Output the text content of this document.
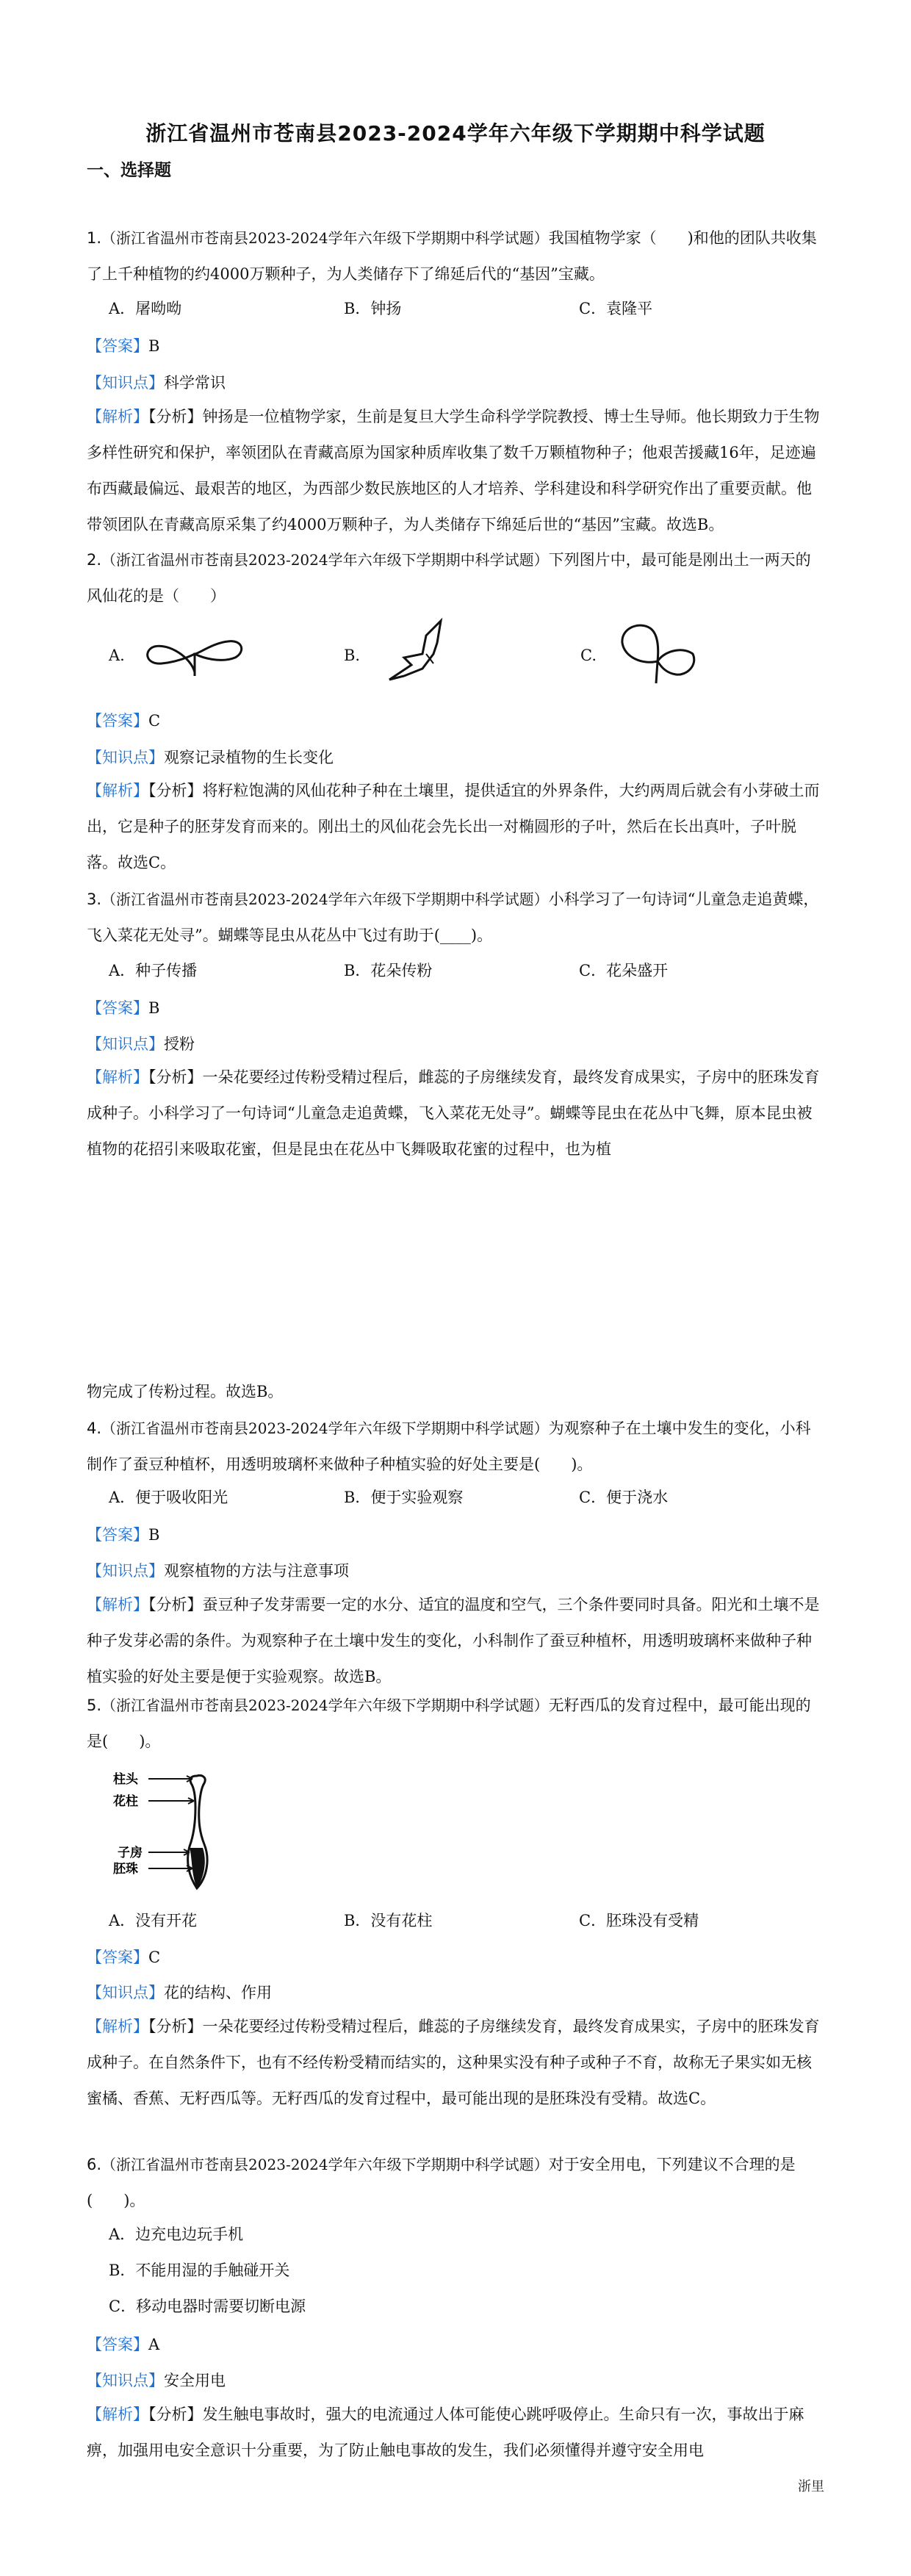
浙江省温州市苍南县2023-2024学年六年级下学期期中科学试题
一、选择题
1.（浙江省温州市苍南县2023-2024学年六年级下学期期中科学试题）我国植物学家（　　)和他的团队共收集了上千种植物的约4000万颗种子，为人类储存下了绵延后代的“基因”宝藏。
A．屠呦呦	B．钟扬	C．袁隆平
【答案】B
【知识点】科学常识
【解析】【分析】钟扬是一位植物学家，生前是复旦大学生命科学学院教授、博士生导师。他长期致力于生物多样性研究和保护，率领团队在青藏高原为国家种质库收集了数千万颗植物种子；他艰苦援藏16年，足迹遍布西藏最偏远、最艰苦的地区，为西部少数民族地区的人才培养、学科建设和科学研究作出了重要贡献。他带领团队在青藏高原采集了约4000万颗种子，为人类储存下绵延后世的“基因”宝藏。故选B。
2.（浙江省温州市苍南县2023-2024学年六年级下学期期中科学试题）下列图片中，最可能是刚出土一两天的风仙花的是（　　）
A.	B.	C.
【答案】C
【知识点】观察记录植物的生长变化
【解析】【分析】将籽粒饱满的风仙花种子种在土壤里，提供适宜的外界条件，大约两周后就会有小芽破土而出，它是种子的胚芽发育而来的。刚出土的风仙花会先长出一对椭圆形的子叶，然后在长出真叶，子叶脱落。故选C。
3.（浙江省温州市苍南县2023-2024学年六年级下学期期中科学试题）小科学习了一句诗词“儿童急走追黄蝶，飞入菜花无处寻”。蝴蝶等昆虫从花丛中飞过有助于(____)。
A．种子传播	B．花朵传粉	C．花朵盛开
【答案】B
【知识点】授粉
【解析】【分析】一朵花要经过传粉受精过程后，雌蕊的子房继续发育，最终发育成果实，子房中的胚珠发育成种子。小科学习了一句诗词“儿童急走追黄蝶，飞入菜花无处寻”。蝴蝶等昆虫在花丛中飞舞，原本昆虫被植物的花招引来吸取花蜜，但是昆虫在花丛中飞舞吸取花蜜的过程中，也为植
物完成了传粉过程。故选B。
4.（浙江省温州市苍南县2023-2024学年六年级下学期期中科学试题）为观察种子在土壤中发生的变化，小科制作了蚕豆种植杯，用透明玻璃杯来做种子种植实验的好处主要是(　　)。
A．便于吸收阳光	B．便于实验观察	C．便于浇水
【答案】B
【知识点】观察植物的方法与注意事项
【解析】【分析】蚕豆种子发芽需要一定的水分、适宜的温度和空气，三个条件要同时具备。阳光和土壤不是种子发芽必需的条件。为观察种子在土壤中发生的变化，小科制作了蚕豆种植杯，用透明玻璃杯来做种子种植实验的好处主要是便于实验观察。故选B。
5.（浙江省温州市苍南县2023-2024学年六年级下学期期中科学试题）无籽西瓜的发育过程中，最可能出现的是(　　)。
柱头
花柱
子房
胚珠
A．没有开花	B．没有花柱	C．胚珠没有受精
【答案】C
【知识点】花的结构、作用
【解析】【分析】一朵花要经过传粉受精过程后，雌蕊的子房继续发育，最终发育成果实，子房中的胚珠发育成种子。在自然条件下，也有不经传粉受精而结实的，这种果实没有种子或种子不育，故称无子果实如无核蜜橘、香蕉、无籽西瓜等。无籽西瓜的发育过程中，最可能出现的是胚珠没有受精。故选C。
6.（浙江省温州市苍南县2023-2024学年六年级下学期期中科学试题）对于安全用电，下列建议不合理的是(　　)。
A．边充电边玩手机
B．不能用湿的手触碰开关
C．移动电器时需要切断电源
【答案】A
【知识点】安全用电
【解析】【分析】发生触电事故时，强大的电流通过人体可能使心跳呼吸停止。生命只有一次，事故出于麻痹，加强用电安全意识十分重要，为了防止触电事故的发生，我们必须懂得并遵守安全用电
浙里
